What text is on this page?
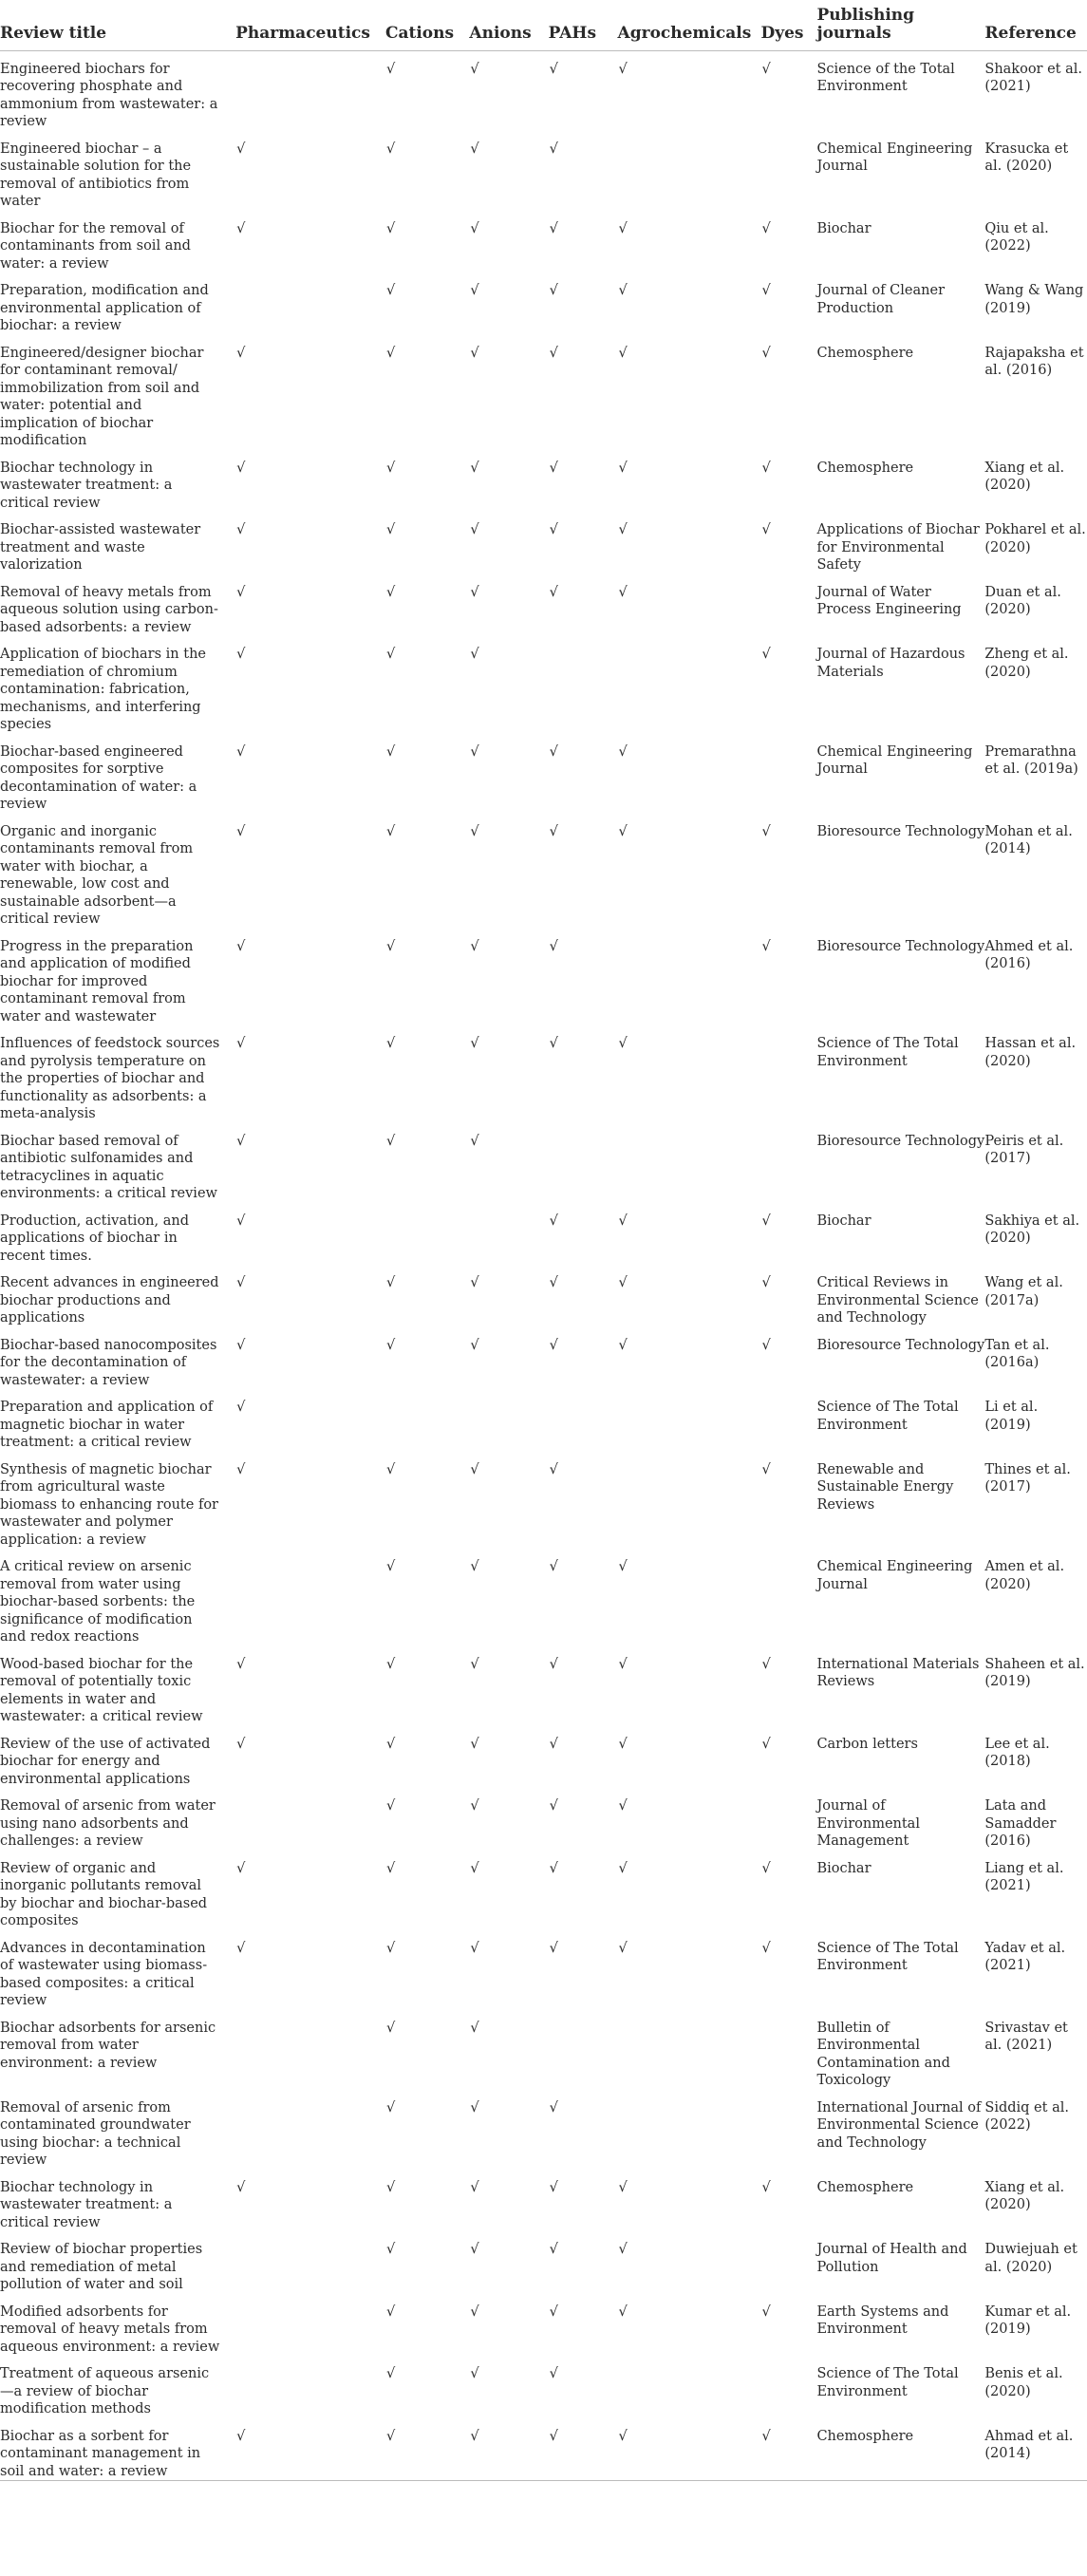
Review title	Pharmaceutics	Cations	Anions	PAHs	Agrochemicals	Dyes	Publishing journals	Reference
Engineered biochars for recovering phosphate and ammonium from wastewater: a review		√	√	√	√	√	Science of the Total Environment	Shakoor et al. (2021)
Engineered biochar – a sustainable solution for the removal of antibiotics from water	√	√	√	√			Chemical Engineering Journal	Krasucka et al. (2020)
Biochar for the removal of contaminants from soil and water: a review	√	√	√	√	√	√	Biochar	Qiu et al. (2022)
Preparation, modification and environmental application of biochar: a review		√	√	√	√	√	Journal of Cleaner Production	Wang & Wang (2019)
Engineered/designer biochar for contaminant removal/ immobilization from soil and water: potential and implication of biochar modification	√	√	√	√	√	√	Chemosphere	Rajapaksha et al. (2016)
Biochar technology in wastewater treatment: a critical review	√	√	√	√	√	√	Chemosphere	Xiang et al. (2020)
Biochar-assisted wastewater treatment and waste valorization	√	√	√	√	√	√	Applications of Biochar for Environmental Safety	Pokharel et al. (2020)
Removal of heavy metals from aqueous solution using carbon-based adsorbents: a review	√	√	√	√	√		Journal of Water Process Engineering	Duan et al. (2020)
Application of biochars in the remediation of chromium contamination: fabrication, mechanisms, and interfering species	√	√	√			√	Journal of Hazardous Materials	Zheng et al. (2020)
Biochar-based engineered composites for sorptive decontamination of water: a review	√	√	√	√	√		Chemical Engineering Journal	Premarathna et al. (2019a)
Organic and inorganic contaminants removal from water with biochar, a renewable, low cost and sustainable adsorbent—a critical review	√	√	√	√	√	√	Bioresource Technology	Mohan et al. (2014)
Progress in the preparation and application of modified biochar for improved contaminant removal from water and wastewater	√	√	√	√		√	Bioresource Technology	Ahmed et al. (2016)
Influences of feedstock sources and pyrolysis temperature on the properties of biochar and functionality as adsorbents: a meta-analysis	√	√	√	√	√		Science of The Total Environment	Hassan et al. (2020)
Biochar based removal of antibiotic sulfonamides and tetracyclines in aquatic environments: a critical review	√	√	√				Bioresource Technology	Peiris et al. (2017)
Production, activation, and applications of biochar in recent times.	√			√	√	√	Biochar	Sakhiya et al. (2020)
Recent advances in engineered biochar productions and applications	√	√	√	√	√	√	Critical Reviews in Environmental Science and Technology	Wang et al. (2017a)
Biochar-based nanocomposites for the decontamination of wastewater: a review	√	√	√	√	√	√	Bioresource Technology	Tan et al. (2016a)
Preparation and application of magnetic biochar in water treatment: a critical review	√						Science of The Total Environment	Li et al. (2019)
Synthesis of magnetic biochar from agricultural waste biomass to enhancing route for wastewater and polymer application: a review	√	√	√	√		√	Renewable and Sustainable Energy Reviews	Thines et al. (2017)
A critical review on arsenic removal from water using biochar-based sorbents: the significance of modification and redox reactions		√	√	√	√		Chemical Engineering Journal	Amen et al. (2020)
Wood-based biochar for the removal of potentially toxic elements in water and wastewater: a critical review	√	√	√	√	√	√	International Materials Reviews	Shaheen et al. (2019)
Review of the use of activated biochar for energy and environmental applications	√	√	√	√	√	√	Carbon letters	Lee et al. (2018)
Removal of arsenic from water using nano adsorbents and challenges: a review		√	√	√	√		Journal of Environmental Management	Lata and Samadder (2016)
Review of organic and inorganic pollutants removal by biochar and biochar-based composites	√	√	√	√	√	√	Biochar	Liang et al. (2021)
Advances in decontamination of wastewater using biomass-based composites: a critical review	√	√	√	√	√	√	Science of The Total Environment	Yadav et al. (2021)
Biochar adsorbents for arsenic removal from water environment: a review		√	√				Bulletin of Environmental Contamination and Toxicology	Srivastav et al. (2021)
Removal of arsenic from contaminated groundwater using biochar: a technical review		√	√	√			International Journal of Environmental Science and Technology	Siddiq et al. (2022)
Biochar technology in wastewater treatment: a critical review	√	√	√	√	√	√	Chemosphere	Xiang et al. (2020)
Review of biochar properties and remediation of metal pollution of water and soil		√	√	√	√		Journal of Health and Pollution	Duwiejuah et al. (2020)
Modified adsorbents for removal of heavy metals from aqueous environment: a review		√	√	√	√	√	Earth Systems and Environment	Kumar et al. (2019)
Treatment of aqueous arsenic—a review of biochar modification methods		√	√	√			Science of The Total Environment	Benis et al. (2020)
Biochar as a sorbent for contaminant management in soil and water: a review	√	√	√	√	√	√	Chemosphere	Ahmad et al. (2014)
